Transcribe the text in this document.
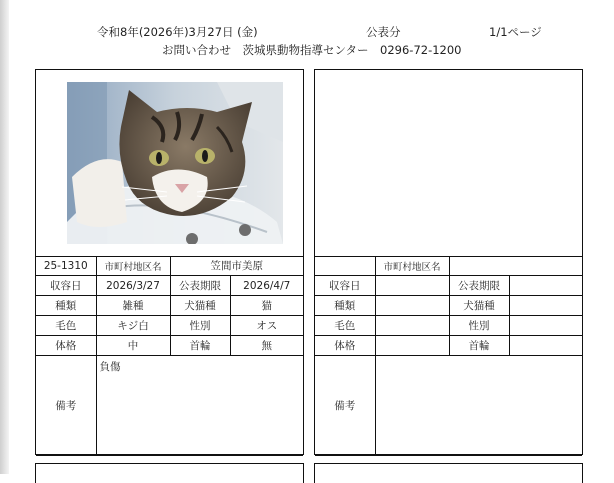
令和8年(2026年)3月27日 (金)	公表分	1/1ページ
お問い合わせ　茨城県動物指導センター　0296-72-1200
25-1310	市町村地区名	笠間市美原	
収容日	2026/3/27	公表期限	2026/4/7
種類	雑種	犬猫種	猫
毛色	キジ白	性別	オス
体格	中	首輪	無
備考	負傷		
	市町村地区名		
収容日		公表期限	
種類		犬猫種	
毛色		性別	
体格		首輪	
備考			
